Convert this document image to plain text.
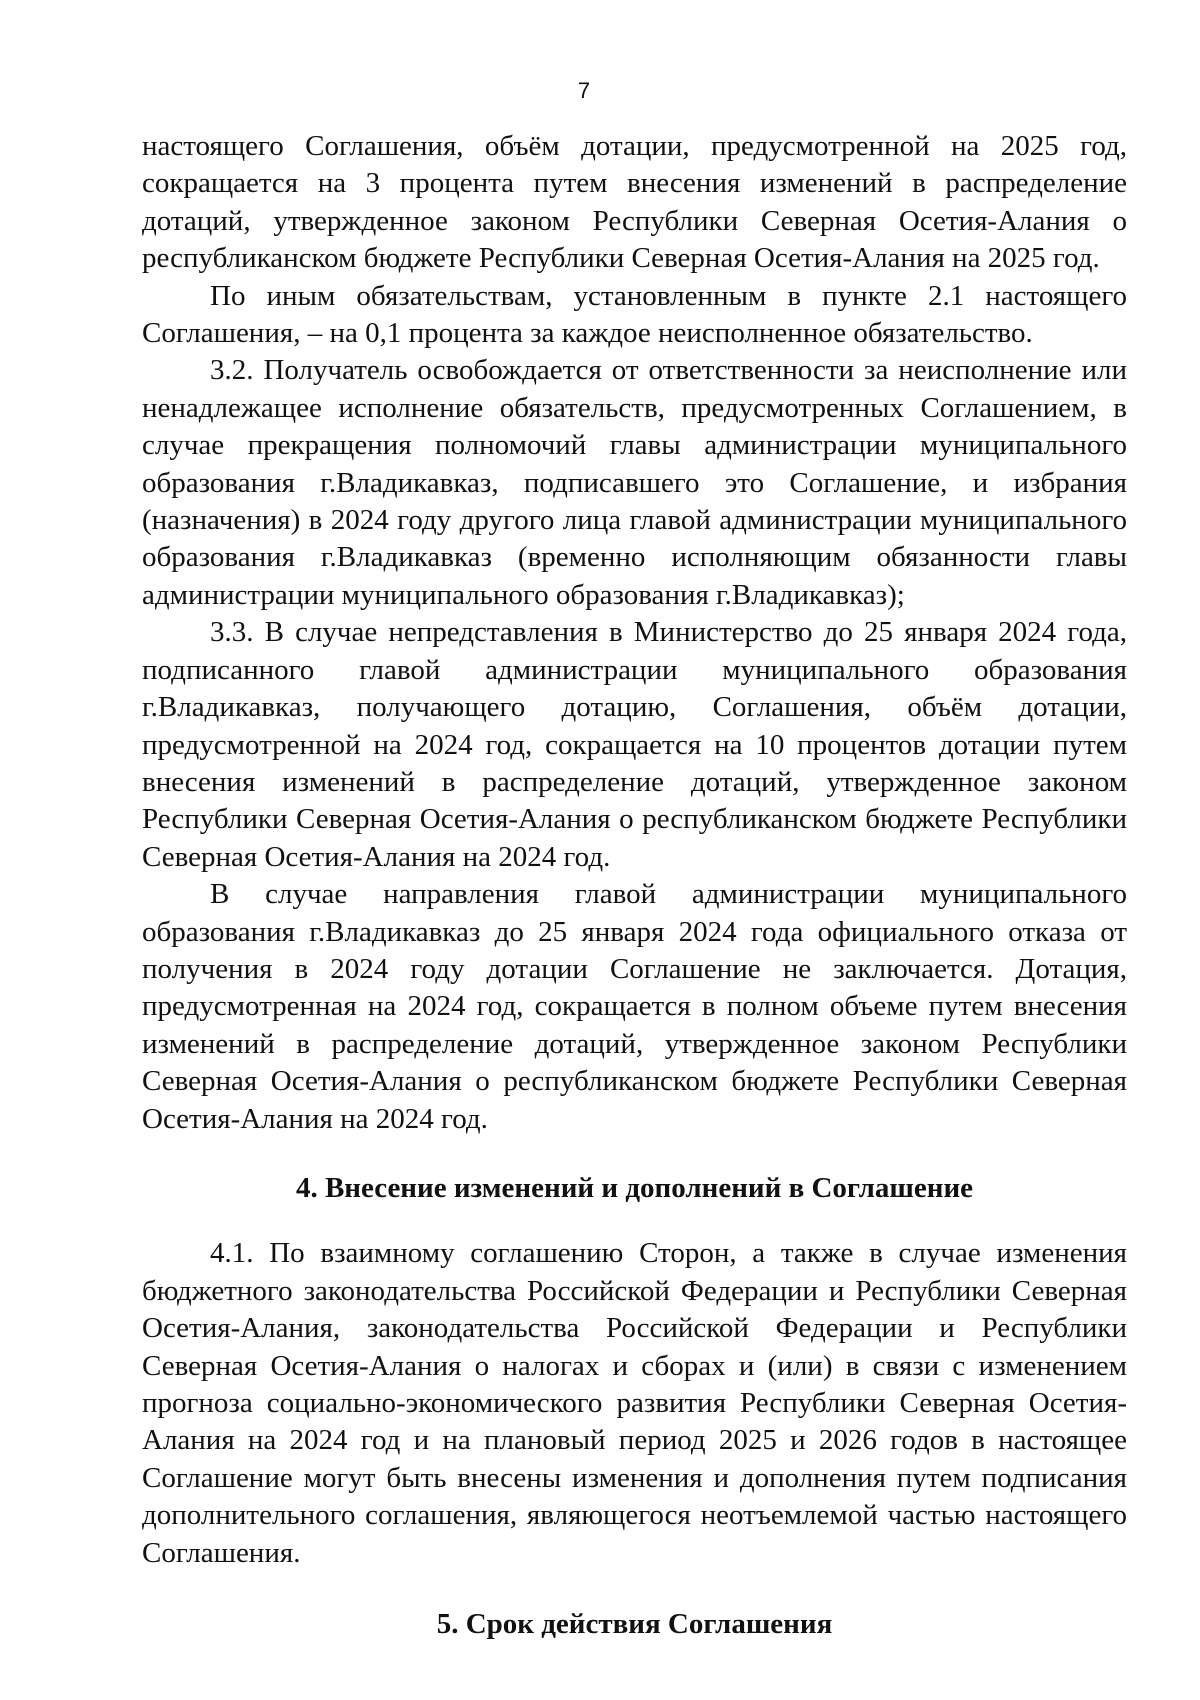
7

настоящего Соглашения, объём дотации, предусмотренной на 2025 год, сокращается на 3 процента путем внесения изменений в распределение дотаций, утвержденное законом Республики Северная Осетия-Алания о республиканском бюджете Республики Северная Осетия-Алания на 2025 год.

По иным обязательствам, установленным в пункте 2.1 настоящего Соглашения, – на 0,1 процента за каждое неисполненное обязательство.

3.2. Получатель освобождается от ответственности за неисполнение или ненадлежащее исполнение обязательств, предусмотренных Соглашением, в случае прекращения полномочий главы администрации муниципального образования г.Владикавказ, подписавшего это Соглашение, и избрания (назначения) в 2024 году другого лица главой администрации муниципального образования г.Владикавказ (временно исполняющим обязанности главы администрации муниципального образования г.Владикавказ);

3.3. В случае непредставления в Министерство до 25 января 2024 года, подписанного главой администрации муниципального образования г.Владикавказ, получающего дотацию, Соглашения, объём дотации, предусмотренной на 2024 год, сокращается на 10 процентов дотации путем внесения изменений в распределение дотаций, утвержденное законом Республики Северная Осетия-Алания о республиканском бюджете Республики Северная Осетия-Алания на 2024 год.

В случае направления главой администрации муниципального образования г.Владикавказ до 25 января 2024 года официального отказа от получения в 2024 году дотации Соглашение не заключается. Дотация, предусмотренная на 2024 год, сокращается в полном объеме путем внесения изменений в распределение дотаций, утвержденное законом Республики Северная Осетия-Алания о республиканском бюджете Республики Северная Осетия-Алания на 2024 год.

4. Внесение изменений и дополнений в Соглашение

4.1. По взаимному соглашению Сторон, а также в случае изменения бюджетного законодательства Российской Федерации и Республики Северная Осетия-Алания, законодательства Российской Федерации и Республики Северная Осетия-Алания о налогах и сборах и (или) в связи с изменением прогноза социально-экономического развития Республики Северная Осетия-Алания на 2024 год и на плановый период 2025 и 2026 годов в настоящее Соглашение могут быть внесены изменения и дополнения путем подписания дополнительного соглашения, являющегося неотъемлемой частью настоящего Соглашения.

5. Срок действия Соглашения
